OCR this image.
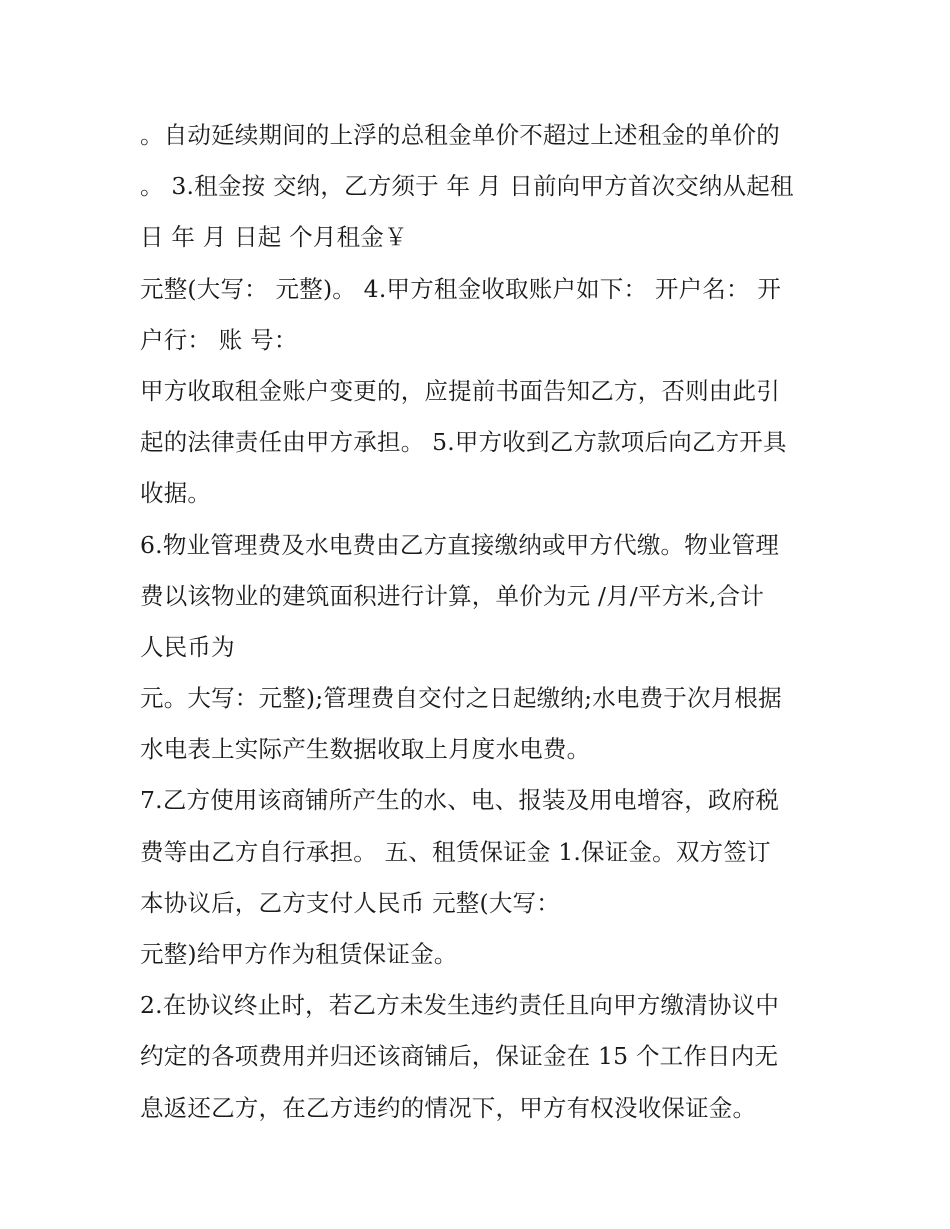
。自动延续期间的上浮的总租金单价不超过上述租金的单价的
。 3.租金按 交纳，乙方须于 年 月 日前向甲方首次交纳从起租
日 年 月 日起 个月租金￥
元整(大写： 元整)。 4.甲方租金收取账户如下： 开户名： 开
户行： 账 号：
甲方收取租金账户变更的，应提前书面告知乙方，否则由此引
起的法律责任由甲方承担。 5.甲方收到乙方款项后向乙方开具
收据。
6.物业管理费及水电费由乙方直接缴纳或甲方代缴。物业管理
费以该物业的建筑面积进行计算，单价为元 /月/平方米,合计
人民币为
元。大写：元整);管理费自交付之日起缴纳;水电费于次月根据
水电表上实际产生数据收取上月度水电费。
7.乙方使用该商铺所产生的水、电、报装及用电增容，政府税
费等由乙方自行承担。 五、租赁保证金 1.保证金。双方签订
本协议后，乙方支付人民币 元整(大写：
元整)给甲方作为租赁保证金。
2.在协议终止时，若乙方未发生违约责任且向甲方缴清协议中
约定的各项费用并归还该商铺后，保证金在 15 个工作日内无
息返还乙方，在乙方违约的情况下，甲方有权没收保证金。
